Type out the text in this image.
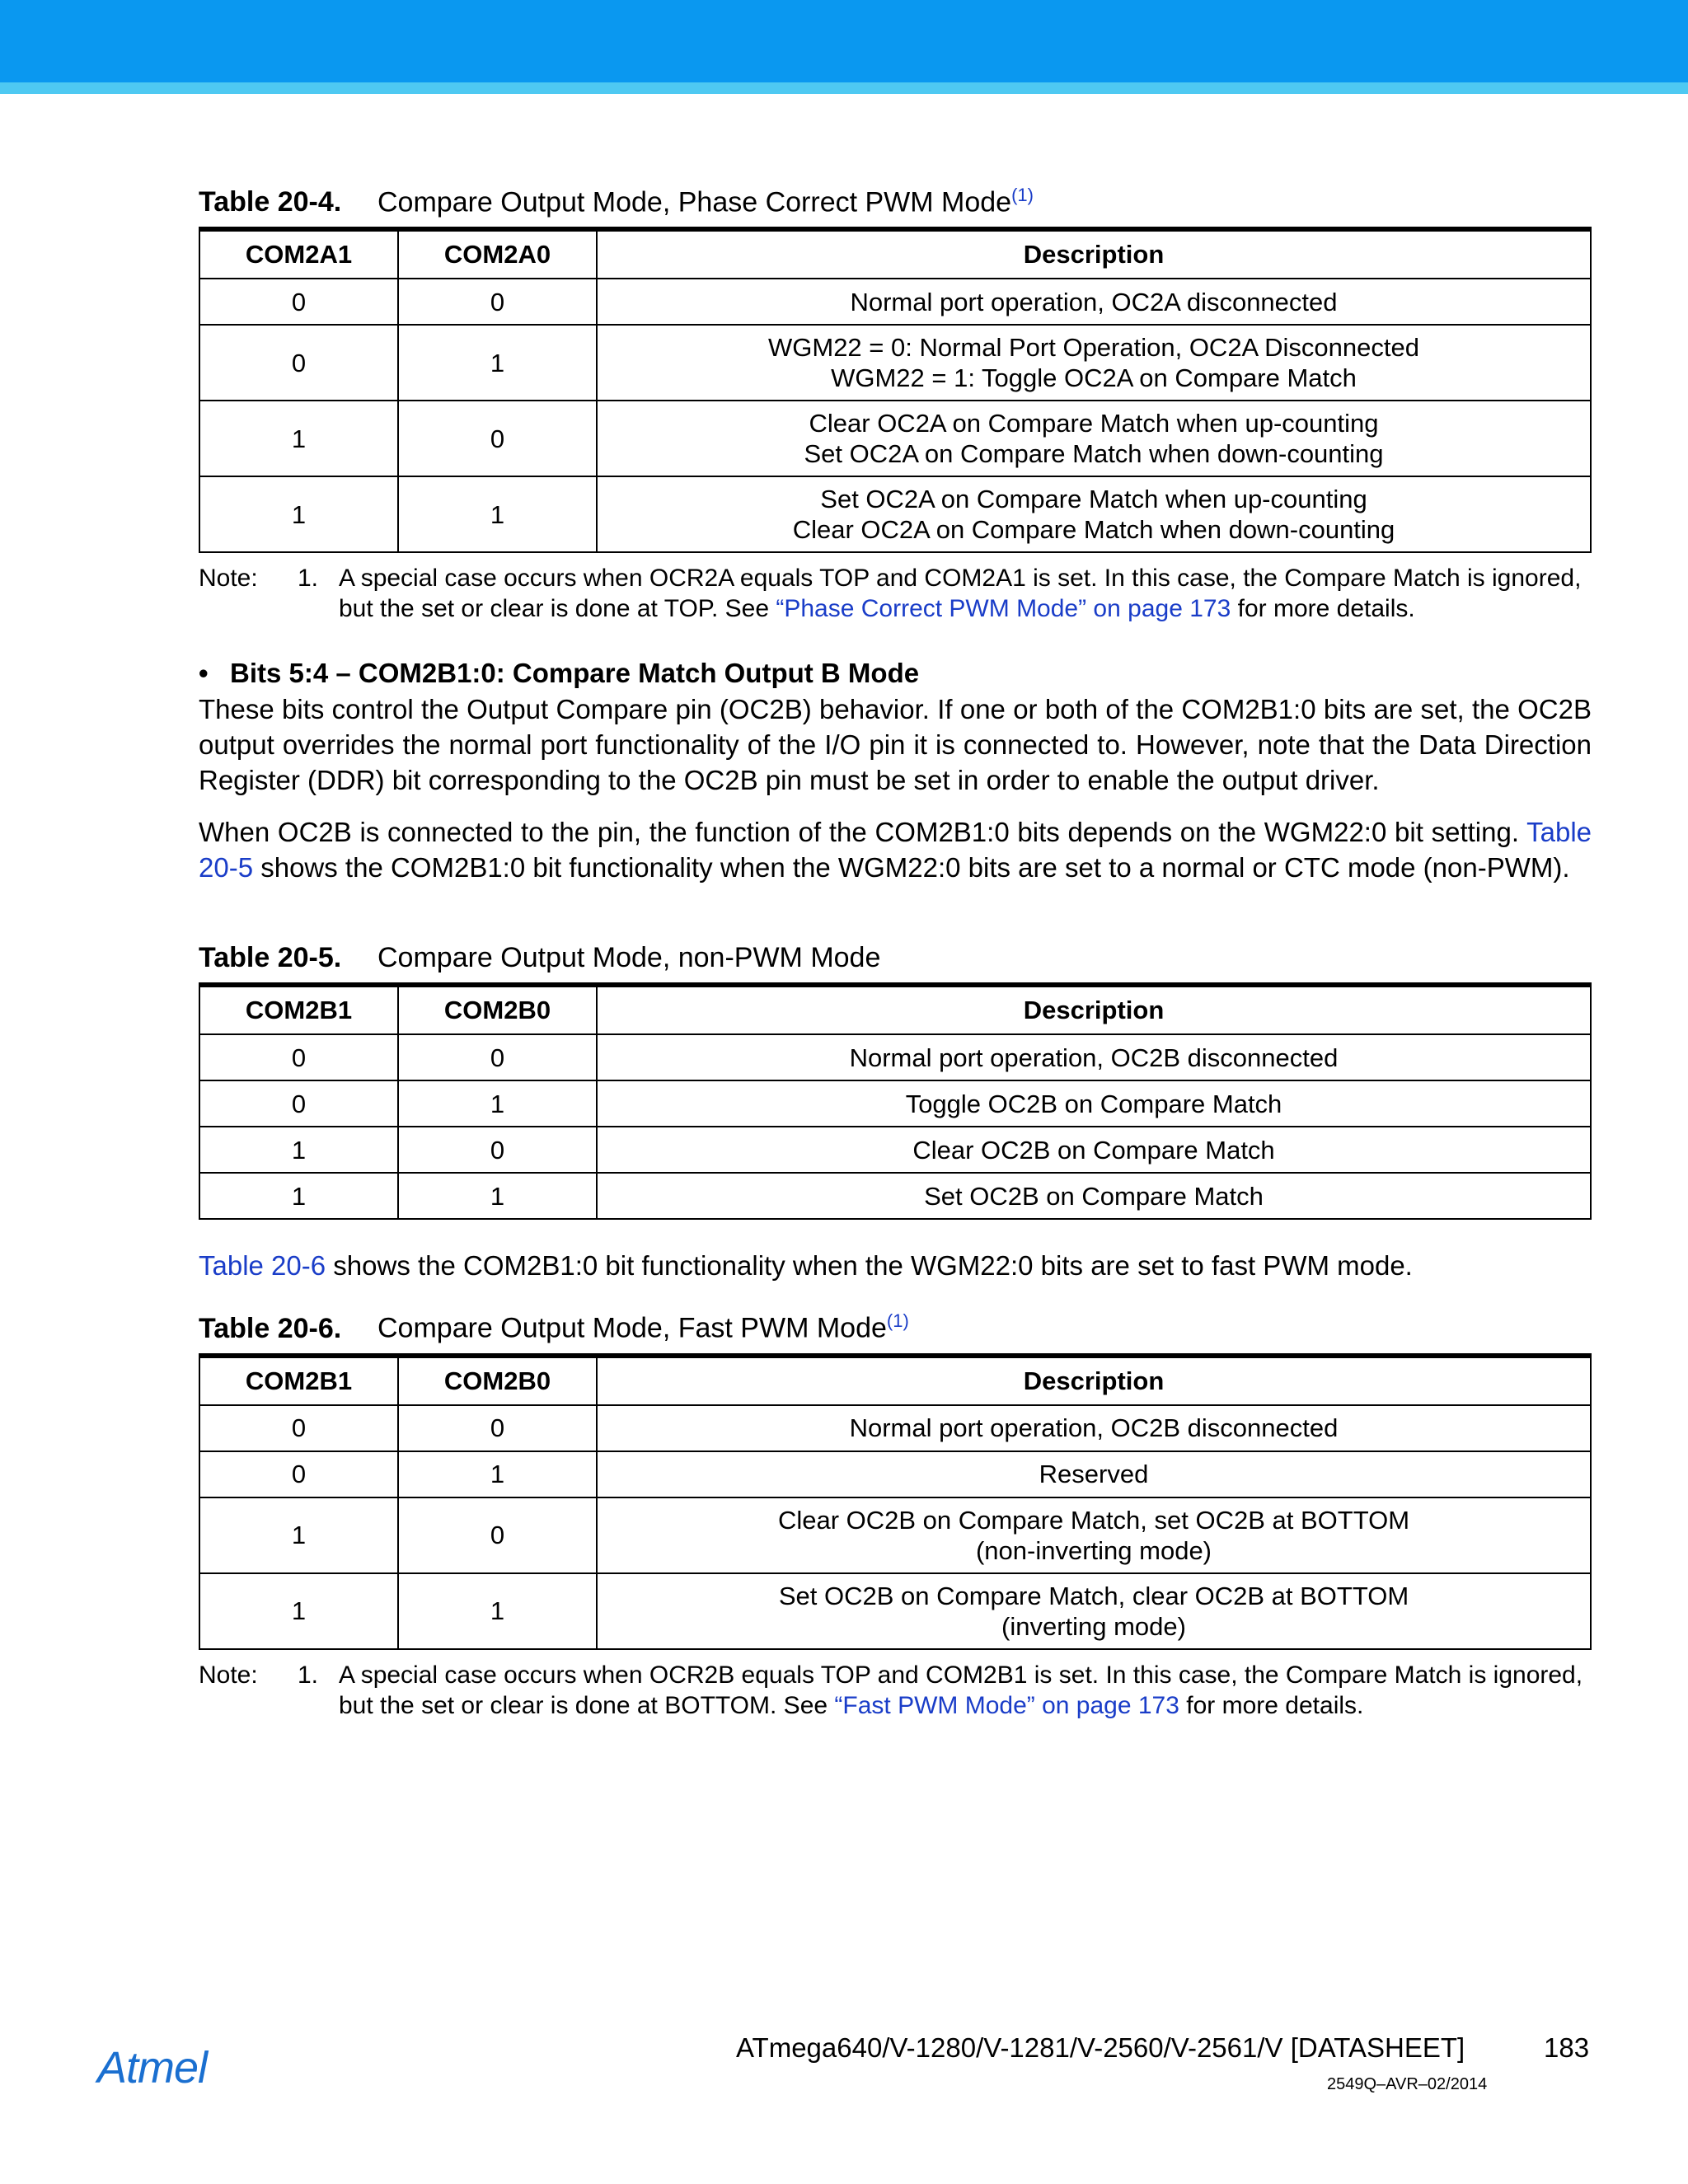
Table 20-4. Compare Output Mode, Phase Correct PWM Mode$^{(1)}$
COM2A1	COM2A0	Description
0	0	Normal port operation, OC2A disconnected
0	1	WGM22 = 0: Normal Port Operation, OC2A Disconnected
WGM22 = 1: Toggle OC2A on Compare Match
1	0	Clear OC2A on Compare Match when up-counting
Set OC2A on Compare Match when down-counting
1	1	Set OC2A on Compare Match when up-counting
Clear OC2A on Compare Match when down-counting
Note:	1. A special case occurs when OCR2A equals TOP and COM2A1 is set. In this case, the Compare Match is ignored, but the set or clear is done at TOP. See “Phase Correct PWM Mode” on page 173 for more details.
• Bits 5:4 – COM2B1:0: Compare Match Output B Mode

These bits control the Output Compare pin (OC2B) behavior. If one or both of the COM2B1:0 bits are set, the OC2B output overrides the normal port functionality of the I/O pin it is connected to. However, note that the Data Direction Register (DDR) bit corresponding to the OC2B pin must be set in order to enable the output driver.

When OC2B is connected to the pin, the function of the COM2B1:0 bits depends on the WGM22:0 bit setting. Table 20-5 shows the COM2B1:0 bit functionality when the WGM22:0 bits are set to a normal or CTC mode (non-PWM).

Table 20-5. Compare Output Mode, non-PWM Mode
COM2B1	COM2B0	Description
0	0	Normal port operation, OC2B disconnected
0	1	Toggle OC2B on Compare Match
1	0	Clear OC2B on Compare Match
1	1	Set OC2B on Compare Match

Table 20-6 shows the COM2B1:0 bit functionality when the WGM22:0 bits are set to fast PWM mode.

Table 20-6. Compare Output Mode, Fast PWM Mode$^{(1)}$
COM2B1	COM2B0	Description
0	0	Normal port operation, OC2B disconnected
0	1	Reserved
1	0	Clear OC2B on Compare Match, set OC2B at BOTTOM
(non-inverting mode)
1	1	Set OC2B on Compare Match, clear OC2B at BOTTOM
(inverting mode)
Note:	1. A special case occurs when OCR2B equals TOP and COM2B1 is set. In this case, the Compare Match is ignored, but the set or clear is done at BOTTOM. See “Fast PWM Mode” on page 173 for more details.
Atmel	ATmega640/V-1280/V-1281/V-2560/V-2561/V [DATASHEET]	183
2549Q–AVR–02/2014
